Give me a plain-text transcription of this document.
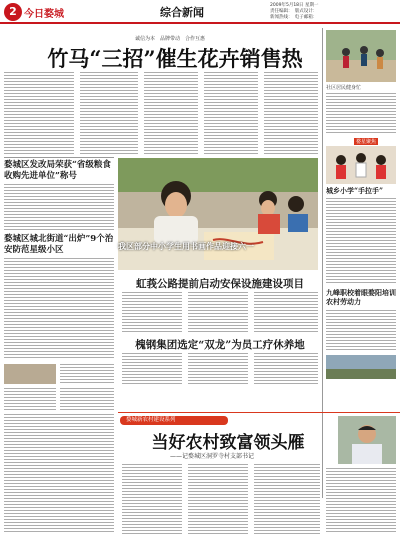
2 今日婺城	综合新闻
2009年5月18日 星期一
责任编辑：　版式设计：
新闻热线：　电子邮箱：
诚信为本　品牌带动　合作互惠
竹马“三招”催生花卉销售热
婺城区发改局荣获“省级粮食收购先进单位”称号
婺城区城北街道“出炉”9个治安防范星级小区	我区部分中小学生用书画作品迎接六一
社区居民健身忙
婺星聚焦
城乡小学“手拉手”
九峰职校着眼婺阳培训农村劳动力
虹莪公路提前启动安保设施建设项目
槐钢集团选定“双龙”为员工疗休养地
婺城新农村建设系列
当好农村致富领头雁
——记婺城区洞罗寺村支部书记
